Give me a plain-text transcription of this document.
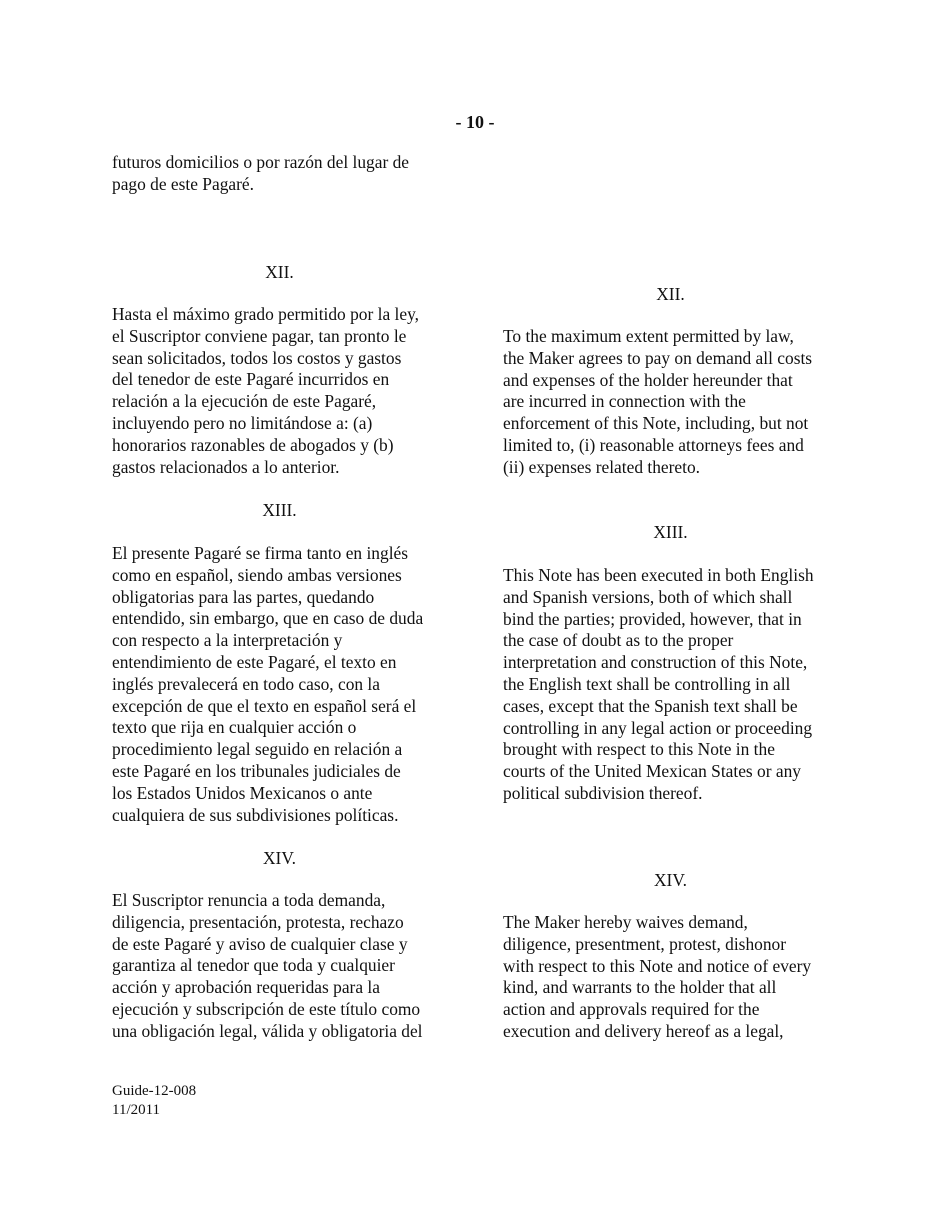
- 10 -
futuros domicilios o por razón del lugar de
pago de este Pagaré.
XII.
Hasta el máximo grado permitido por la ley,
el Suscriptor conviene pagar, tan pronto le
sean solicitados, todos los costos y gastos
del tenedor de este Pagaré incurridos en
relación a la ejecución de este Pagaré,
incluyendo pero no limitándose a: (a)
honorarios razonables de abogados y (b)
gastos relacionados a lo anterior.
XIII.
El presente Pagaré se firma tanto en inglés
como en español, siendo ambas versiones
obligatorias para las partes, quedando
entendido, sin embargo, que en caso de duda
con respecto a la interpretación y
entendimiento de este Pagaré, el texto en
inglés prevalecerá en todo caso, con la
excepción de que el texto en español será el
texto que rija en cualquier acción o
procedimiento legal seguido en relación a
este Pagaré en los tribunales judiciales de
los Estados Unidos Mexicanos o ante
cualquiera de sus subdivisiones políticas.
XIV.
El Suscriptor renuncia a toda demanda,
diligencia, presentación, protesta, rechazo
de este Pagaré y aviso de cualquier clase y
garantiza al tenedor que toda y cualquier
acción y aprobación requeridas para la
ejecución y subscripción de este título como
una obligación legal, válida y obligatoria del
XII.
To the maximum extent permitted by law,
the Maker agrees to pay on demand all costs
and expenses of the holder hereunder that
are incurred in connection with the
enforcement of this Note, including, but not
limited to, (i) reasonable attorneys fees and
(ii) expenses related thereto.
XIII.
This Note has been executed in both English
and Spanish versions, both of which shall
bind the parties; provided, however, that in
the case of doubt as to the proper
interpretation and construction of this Note,
the English text shall be controlling in all
cases, except that the Spanish text shall be
controlling in any legal action or proceeding
brought with respect to this Note in the
courts of the United Mexican States or any
political subdivision thereof.
XIV.
The Maker hereby waives demand,
diligence, presentment, protest, dishonor
with respect to this Note and notice of every
kind, and warrants to the holder that all
action and approvals required for the
execution and delivery hereof as a legal,
Guide-12-008
11/2011
